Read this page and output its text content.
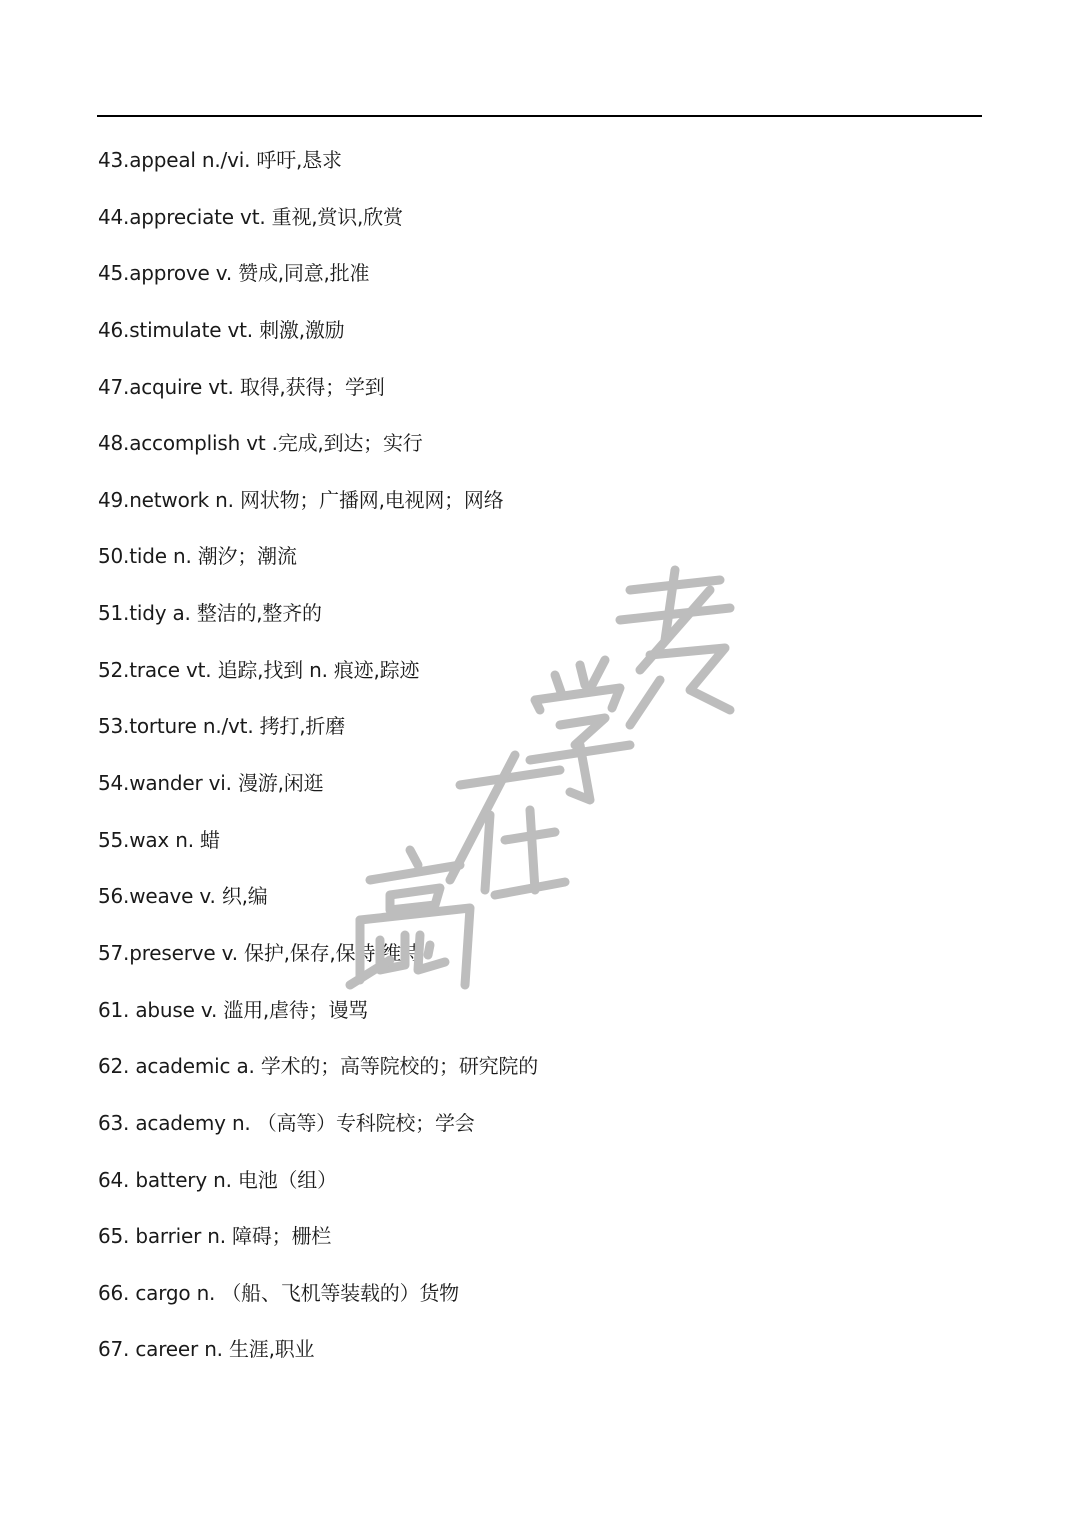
43.appeal n./vi. 呼吁,恳求
44.appreciate vt. 重视,赏识,欣赏
45.approve v. 赞成,同意,批准
46.stimulate vt. 刺激,激励
47.acquire vt. 取得,获得；学到
48.accomplish vt .完成,到达；实行
49.network n. 网状物；广播网,电视网；网络
50.tide n. 潮汐；潮流
51.tidy a. 整洁的,整齐的
52.trace vt. 追踪,找到 n. 痕迹,踪迹
53.torture n./vt. 拷打,折磨
54.wander vi. 漫游,闲逛
55.wax n. 蜡
56.weave v. 织,编
57.preserve v. 保护,保存,保持,维持
61. abuse v. 滥用,虐待；谩骂
62. academic a. 学术的；高等院校的；研究院的
63. academy n. （高等）专科院校；学会
64. battery n. 电池（组）
65. barrier n. 障碍；栅栏
66. cargo n. （船、飞机等装载的）货物
67. career n. 生涯,职业
